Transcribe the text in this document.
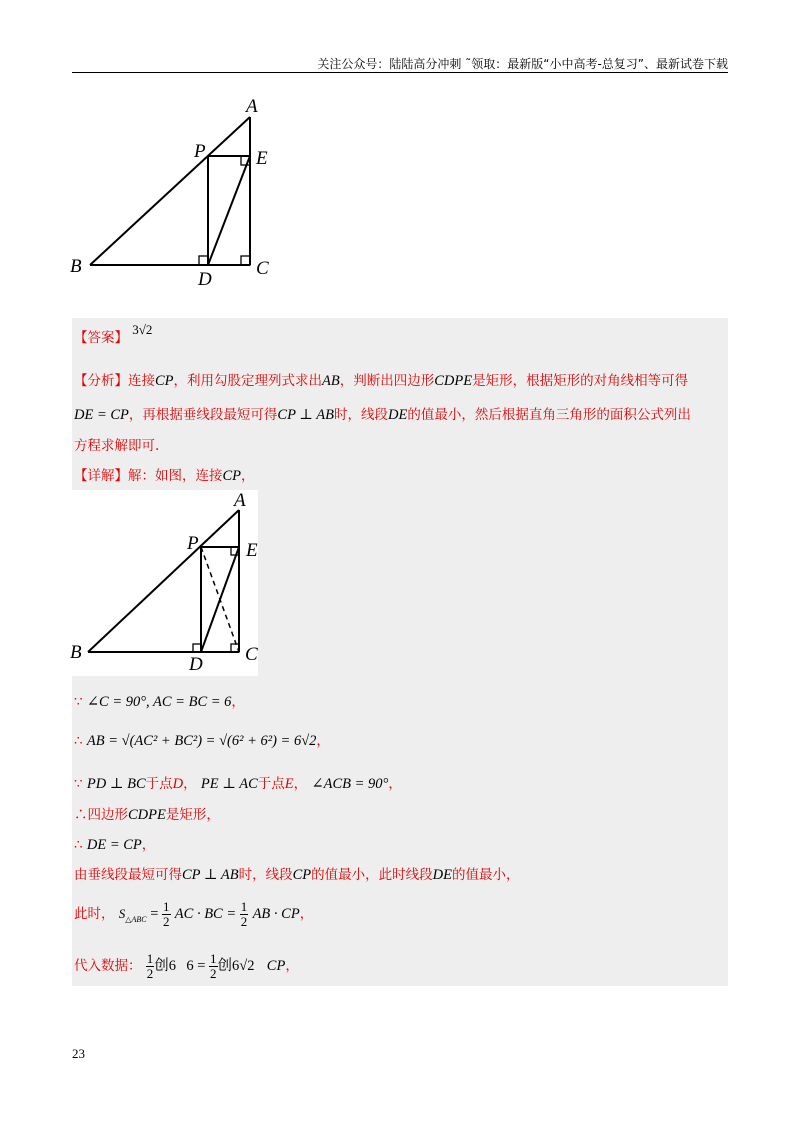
关注公众号：陆陆高分冲刺 ˜领取：最新版“小中高考-总复习”、最新试卷下载
A
P	E
B
D
C
【答案】 3√2
【分析】连接CP，利用勾股定理列式求出AB，判断出四边形CDPE是矩形，根据矩形的对角线相等可得
DE = CP，再根据垂线段最短可得CP ⊥ AB时，线段DE的值最小，然后根据直角三角形的面积公式列出
方程求解即可.
【详解】解：如图，连接CP，
A
P E
B
D C
∵ ∠C = 90°, AC = BC = 6，
∴ AB = √(AC² + BC²) = √(6² + 6²) = 6√2，
∵ PD ⊥ BC于点D， PE ⊥ AC于点E， ∠ACB = 90°，
∴四边形CDPE是矩形，
∴ DE = CP，
由垂线段最短可得CP ⊥ AB时，线段CP的值最小，此时线段DE的值最小，
此时， $S_{\triangle ABC} = \frac{1}{2}$ AC · BC = $\frac{1}{2}$ AB · CP，
代入数据： $\frac{1}{2}$ 创6 $6 = \frac{1}{2}$ 创6√2 CP，
23
